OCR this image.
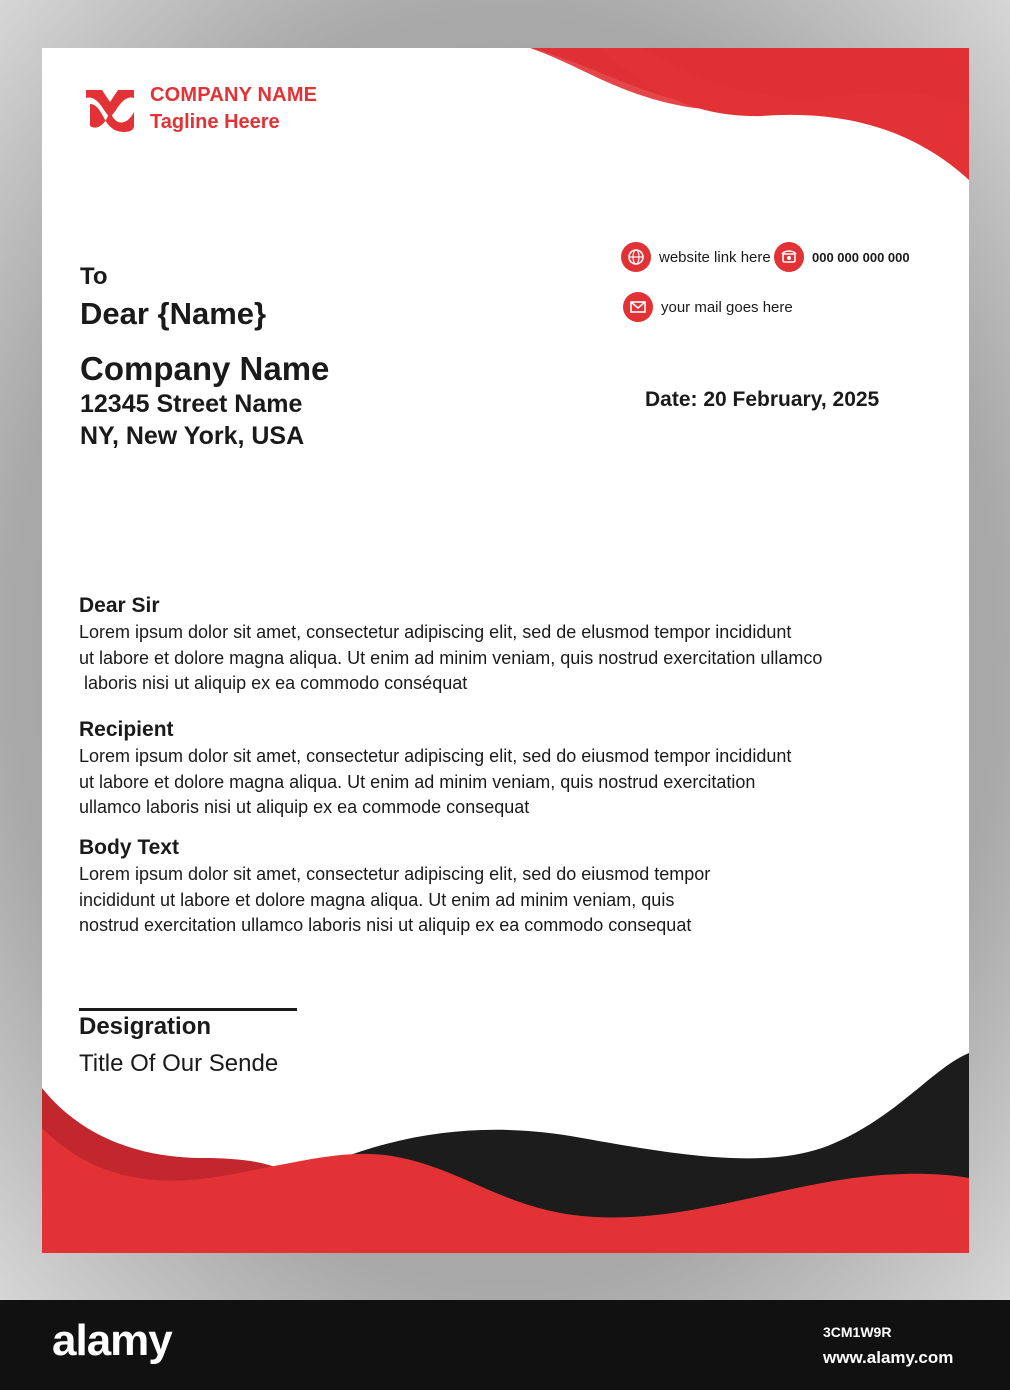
COMPANY NAME
Tagline Heere
website link here	000 000 000 000
your mail goes here
To
Dear {Name}
Company Name
12345 Street Name
NY, New York, USA
Date: 20 February, 2025
Dear Sir

Lorem ipsum dolor sit amet, consectetur adipiscing elit, sed de elusmod tempor incididunt

ut labore et dolore magna aliqua. Ut enim ad minim veniam, quis nostrud exercitation ullamco

laboris nisi ut aliquip ex ea commodo conséquat

Recipient

Lorem ipsum dolor sit amet, consectetur adipiscing elit, sed do eiusmod tempor incididunt

ut labore et dolore magna aliqua. Ut enim ad minim veniam, quis nostrud exercitation

ullamco laboris nisi ut aliquip ex ea commode consequat

Body Text

Lorem ipsum dolor sit amet, consectetur adipiscing elit, sed do eiusmod tempor

incididunt ut labore et dolore magna aliqua. Ut enim ad minim veniam, quis

nostrud exercitation ullamco laboris nisi ut aliquip ex ea commodo consequat

Desigration
Title Of Our Sende
alamy	3CM1W9R
www.alamy.com
